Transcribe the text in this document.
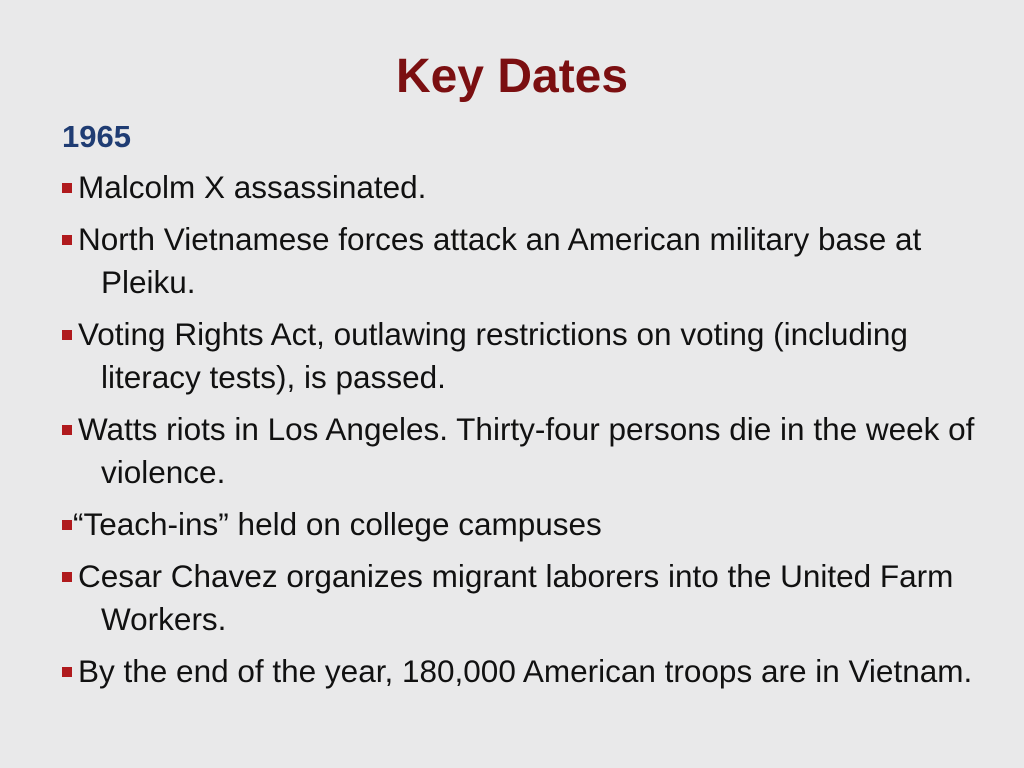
Key Dates
1965
Malcolm X assassinated.
North Vietnamese forces attack an American military base at Pleiku.
Voting Rights Act, outlawing restrictions on voting (including literacy tests), is passed.
Watts riots in Los Angeles. Thirty-four persons die in the week of violence.
“Teach-ins” held on college campuses
Cesar Chavez organizes migrant laborers into the United Farm Workers.
By the end of the year, 180,000 American troops are in Vietnam.
